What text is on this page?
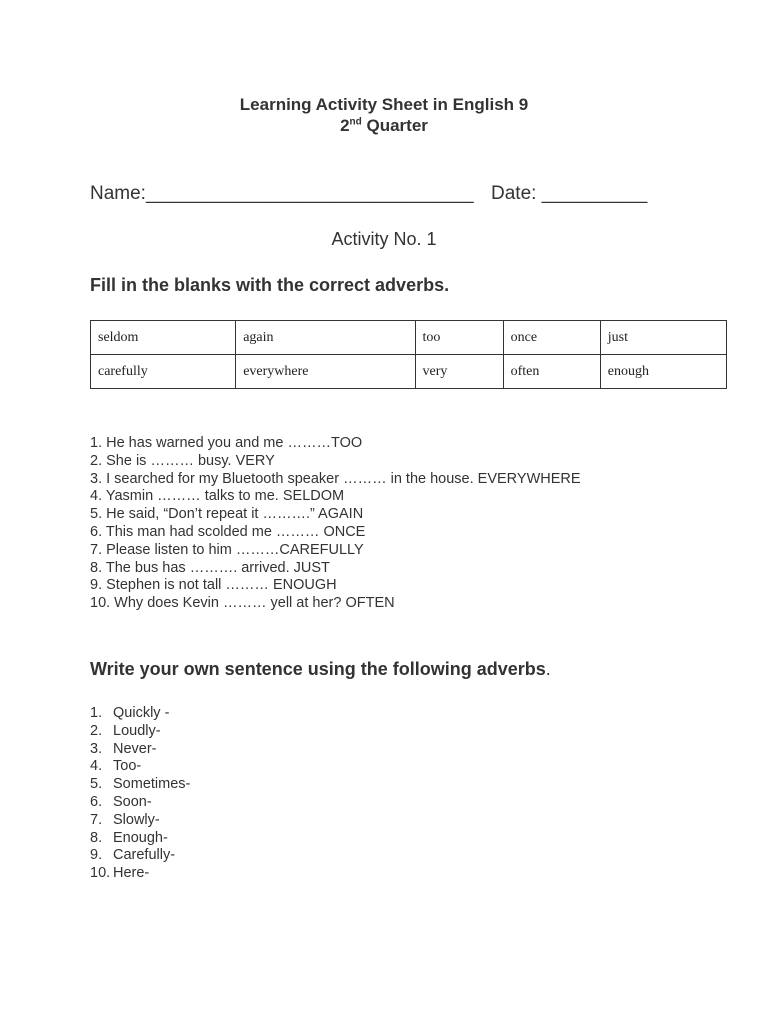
Learning Activity Sheet in English 9
2nd Quarter
Name:_______________________________ Date: __________
Activity No. 1
Fill in the blanks with the correct adverbs.
seldom	again	too	once	just
carefully	everywhere	very	often	enough
1. He has warned you and me ………TOO
2. She is ……… busy. VERY
3. I searched for my Bluetooth speaker ……… in the house. EVERYWHERE
4. Yasmin ……… talks to me. SELDOM
5. He said, “Don’t repeat it ……….” AGAIN
6. This man had scolded me ……… ONCE
7. Please listen to him ………CAREFULLY
8. The bus has ………. arrived. JUST
9. Stephen is not tall ……… ENOUGH
10. Why does Kevin ……… yell at her? OFTEN
Write your own sentence using the following adverbs.
1. Quickly -
2. Loudly-
3. Never-
4. Too-
5. Sometimes-
6. Soon-
7. Slowly-
8. Enough-
9. Carefully-
10. Here-
